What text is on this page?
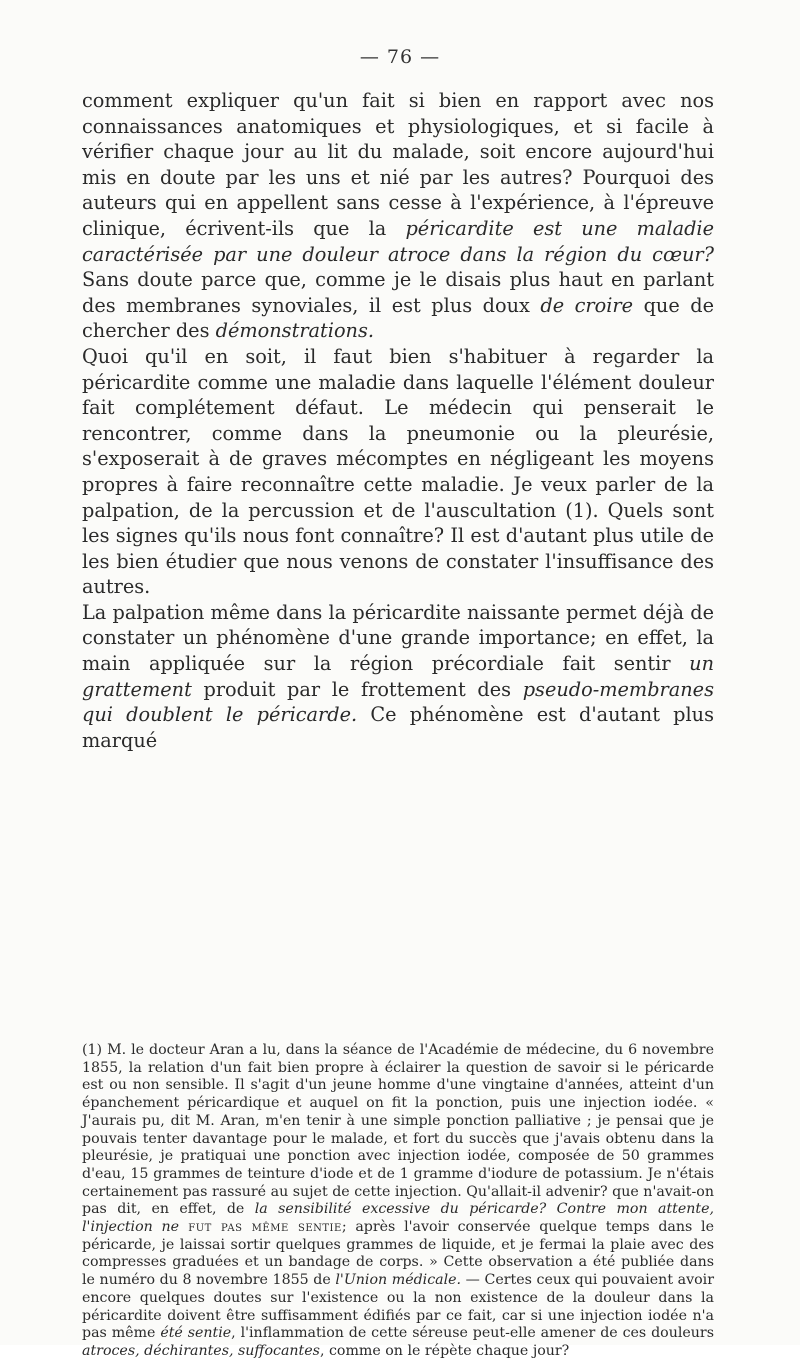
— 76 —

comment expliquer qu'un fait si bien en rapport avec nos connaissances anatomiques et physiologiques, et si facile à vérifier chaque jour au lit du malade, soit encore aujourd'hui mis en doute par les uns et nié par les autres? Pourquoi des auteurs qui en appellent sans cesse à l'expérience, à l'épreuve clinique, écrivent-ils que la péricardite est une maladie caractérisée par une douleur atroce dans la région du cœur? Sans doute parce que, comme je le disais plus haut en parlant des membranes synoviales, il est plus doux de croire que de chercher des démonstrations.

Quoi qu'il en soit, il faut bien s'habituer à regarder la péricardite comme une maladie dans laquelle l'élément douleur fait complétement défaut. Le médecin qui penserait le rencontrer, comme dans la pneumonie ou la pleurésie, s'exposerait à de graves mécomptes en négligeant les moyens propres à faire reconnaître cette maladie. Je veux parler de la palpation, de la percussion et de l'auscultation (1). Quels sont les signes qu'ils nous font connaître? Il est d'autant plus utile de les bien étudier que nous venons de constater l'insuffisance des autres.

La palpation même dans la péricardite naissante permet déjà de constater un phénomène d'une grande importance; en effet, la main appliquée sur la région précordiale fait sentir un grattement produit par le frottement des pseudo-membranes qui doublent le péricarde. Ce phénomène est d'autant plus marqué

(1) M. le docteur Aran a lu, dans la séance de l'Académie de médecine, du 6 novembre 1855, la relation d'un fait bien propre à éclairer la question de savoir si le péricarde est ou non sensible. Il s'agit d'un jeune homme d'une vingtaine d'années, atteint d'un épanchement péricardique et auquel on fit la ponction, puis une injection iodée. « J'aurais pu, dit M. Aran, m'en tenir à une simple ponction palliative ; je pensai que je pouvais tenter davantage pour le malade, et fort du succès que j'avais obtenu dans la pleurésie, je pratiquai une ponction avec injection iodée, composée de 50 grammes d'eau, 15 grammes de teinture d'iode et de 1 gramme d'iodure de potassium. Je n'étais certainement pas rassuré au sujet de cette injection. Qu'allait-il advenir? que n'avait-on pas dit, en effet, de la sensibilité excessive du péricarde? Contre mon attente, l'injection ne fut pas même sentie; après l'avoir conservée quelque temps dans le péricarde, je laissai sortir quelques grammes de liquide, et je fermai la plaie avec des compresses graduées et un bandage de corps. » Cette observation a été publiée dans le numéro du 8 novembre 1855 de l'Union médicale. — Certes ceux qui pouvaient avoir encore quelques doutes sur l'existence ou la non existence de la douleur dans la péricardite doivent être suffisamment édifiés par ce fait, car si une injection iodée n'a pas même été sentie, l'inflammation de cette séreuse peut-elle amener de ces douleurs atroces, déchirantes, suffocantes, comme on le répète chaque jour?
